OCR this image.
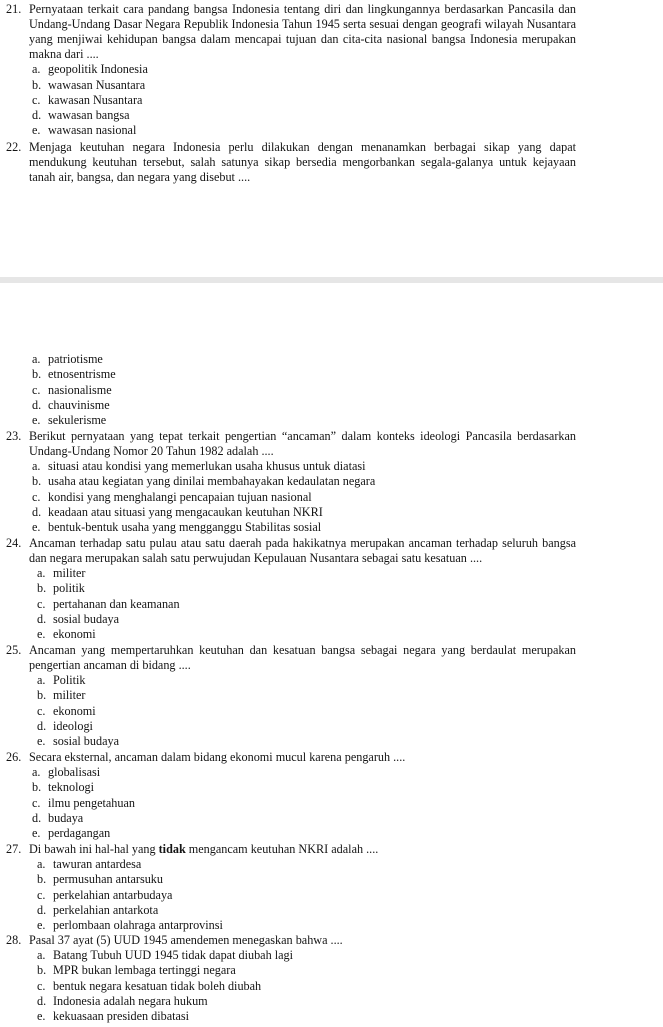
21. Pernyataan terkait cara pandang bangsa Indonesia tentang diri dan lingkungannya berdasarkan Pancasila dan Undang-Undang Dasar Negara Republik Indonesia Tahun 1945 serta sesuai dengan geografi wilayah Nusantara yang menjiwai kehidupan bangsa dalam mencapai tujuan dan cita-cita nasional bangsa Indonesia merupakan makna dari ....
a. geopolitik Indonesia
b. wawasan Nusantara
c. kawasan Nusantara
d. wawasan bangsa
e. wawasan nasional
22. Menjaga keutuhan negara Indonesia perlu dilakukan dengan menanamkan berbagai sikap yang dapat mendukung keutuhan tersebut, salah satunya sikap bersedia mengorbankan segala-galanya untuk kejayaan tanah air, bangsa, dan negara yang disebut ....
a. patriotisme
b. etnosentrisme
c. nasionalisme
d. chauvinisme
e. sekulerisme
23. Berikut pernyataan yang tepat terkait pengertian “ancaman” dalam konteks ideologi Pancasila berdasarkan Undang-Undang Nomor 20 Tahun 1982 adalah ....
a. situasi atau kondisi yang memerlukan usaha khusus untuk diatasi
b. usaha atau kegiatan yang dinilai membahayakan kedaulatan negara
c. kondisi yang menghalangi pencapaian tujuan nasional
d. keadaan atau situasi yang mengacaukan keutuhan NKRI
e. bentuk-bentuk usaha yang mengganggu Stabilitas sosial
24. Ancaman terhadap satu pulau atau satu daerah pada hakikatnya merupakan ancaman terhadap seluruh bangsa dan negara merupakan salah satu perwujudan Kepulauan Nusantara sebagai satu kesatuan ....
a. militer
b. politik
c. pertahanan dan keamanan
d. sosial budaya
e. ekonomi
25. Ancaman yang mempertaruhkan keutuhan dan kesatuan bangsa sebagai negara yang berdaulat merupakan pengertian ancaman di bidang ....
a. Politik
b. militer
c. ekonomi
d. ideologi
e. sosial budaya
26. Secara eksternal, ancaman dalam bidang ekonomi mucul karena pengaruh ....
a. globalisasi
b. teknologi
c. ilmu pengetahuan
d. budaya
e. perdagangan
27. Di bawah ini hal-hal yang tidak mengancam keutuhan NKRI adalah ....
a. tawuran antardesa
b. permusuhan antarsuku
c. perkelahian antarbudaya
d. perkelahian antarkota
e. perlombaan olahraga antarprovinsi
28. Pasal 37 ayat (5) UUD 1945 amendemen menegaskan bahwa ....
a. Batang Tubuh UUD 1945 tidak dapat diubah lagi
b. MPR bukan lembaga tertinggi negara
c. bentuk negara kesatuan tidak boleh diubah
d. Indonesia adalah negara hukum
e. kekuasaan presiden dibatasi
